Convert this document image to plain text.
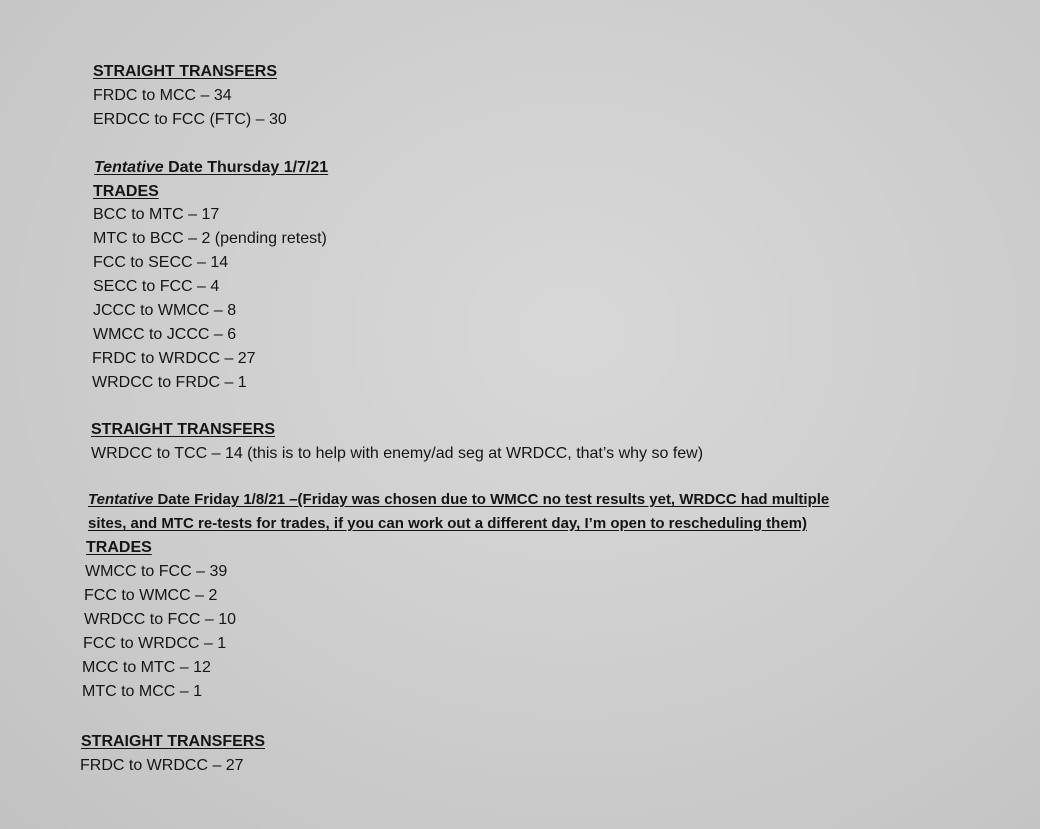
STRAIGHT TRANSFERS
FRDC to MCC – 34
ERDCC to FCC (FTC) – 30
Tentative Date Thursday 1/7/21
TRADES
BCC to MTC – 17
MTC to BCC – 2 (pending retest)
FCC to SECC – 14
SECC to FCC – 4
JCCC to WMCC – 8
WMCC to JCCC – 6
FRDC to WRDCC – 27
WRDCC to FRDC – 1
STRAIGHT TRANSFERS
WRDCC to TCC – 14 (this is to help with enemy/ad seg at WRDCC, that’s why so few)
Tentative Date Friday 1/8/21 –(Friday was chosen due to WMCC no test results yet, WRDCC had multiple
sites, and MTC re-tests for trades, if you can work out a different day, I’m open to rescheduling them)
TRADES
WMCC to FCC – 39
FCC to WMCC – 2
WRDCC to FCC – 10
FCC to WRDCC – 1
MCC to MTC – 12
MTC to MCC – 1
STRAIGHT TRANSFERS
FRDC to WRDCC – 27
